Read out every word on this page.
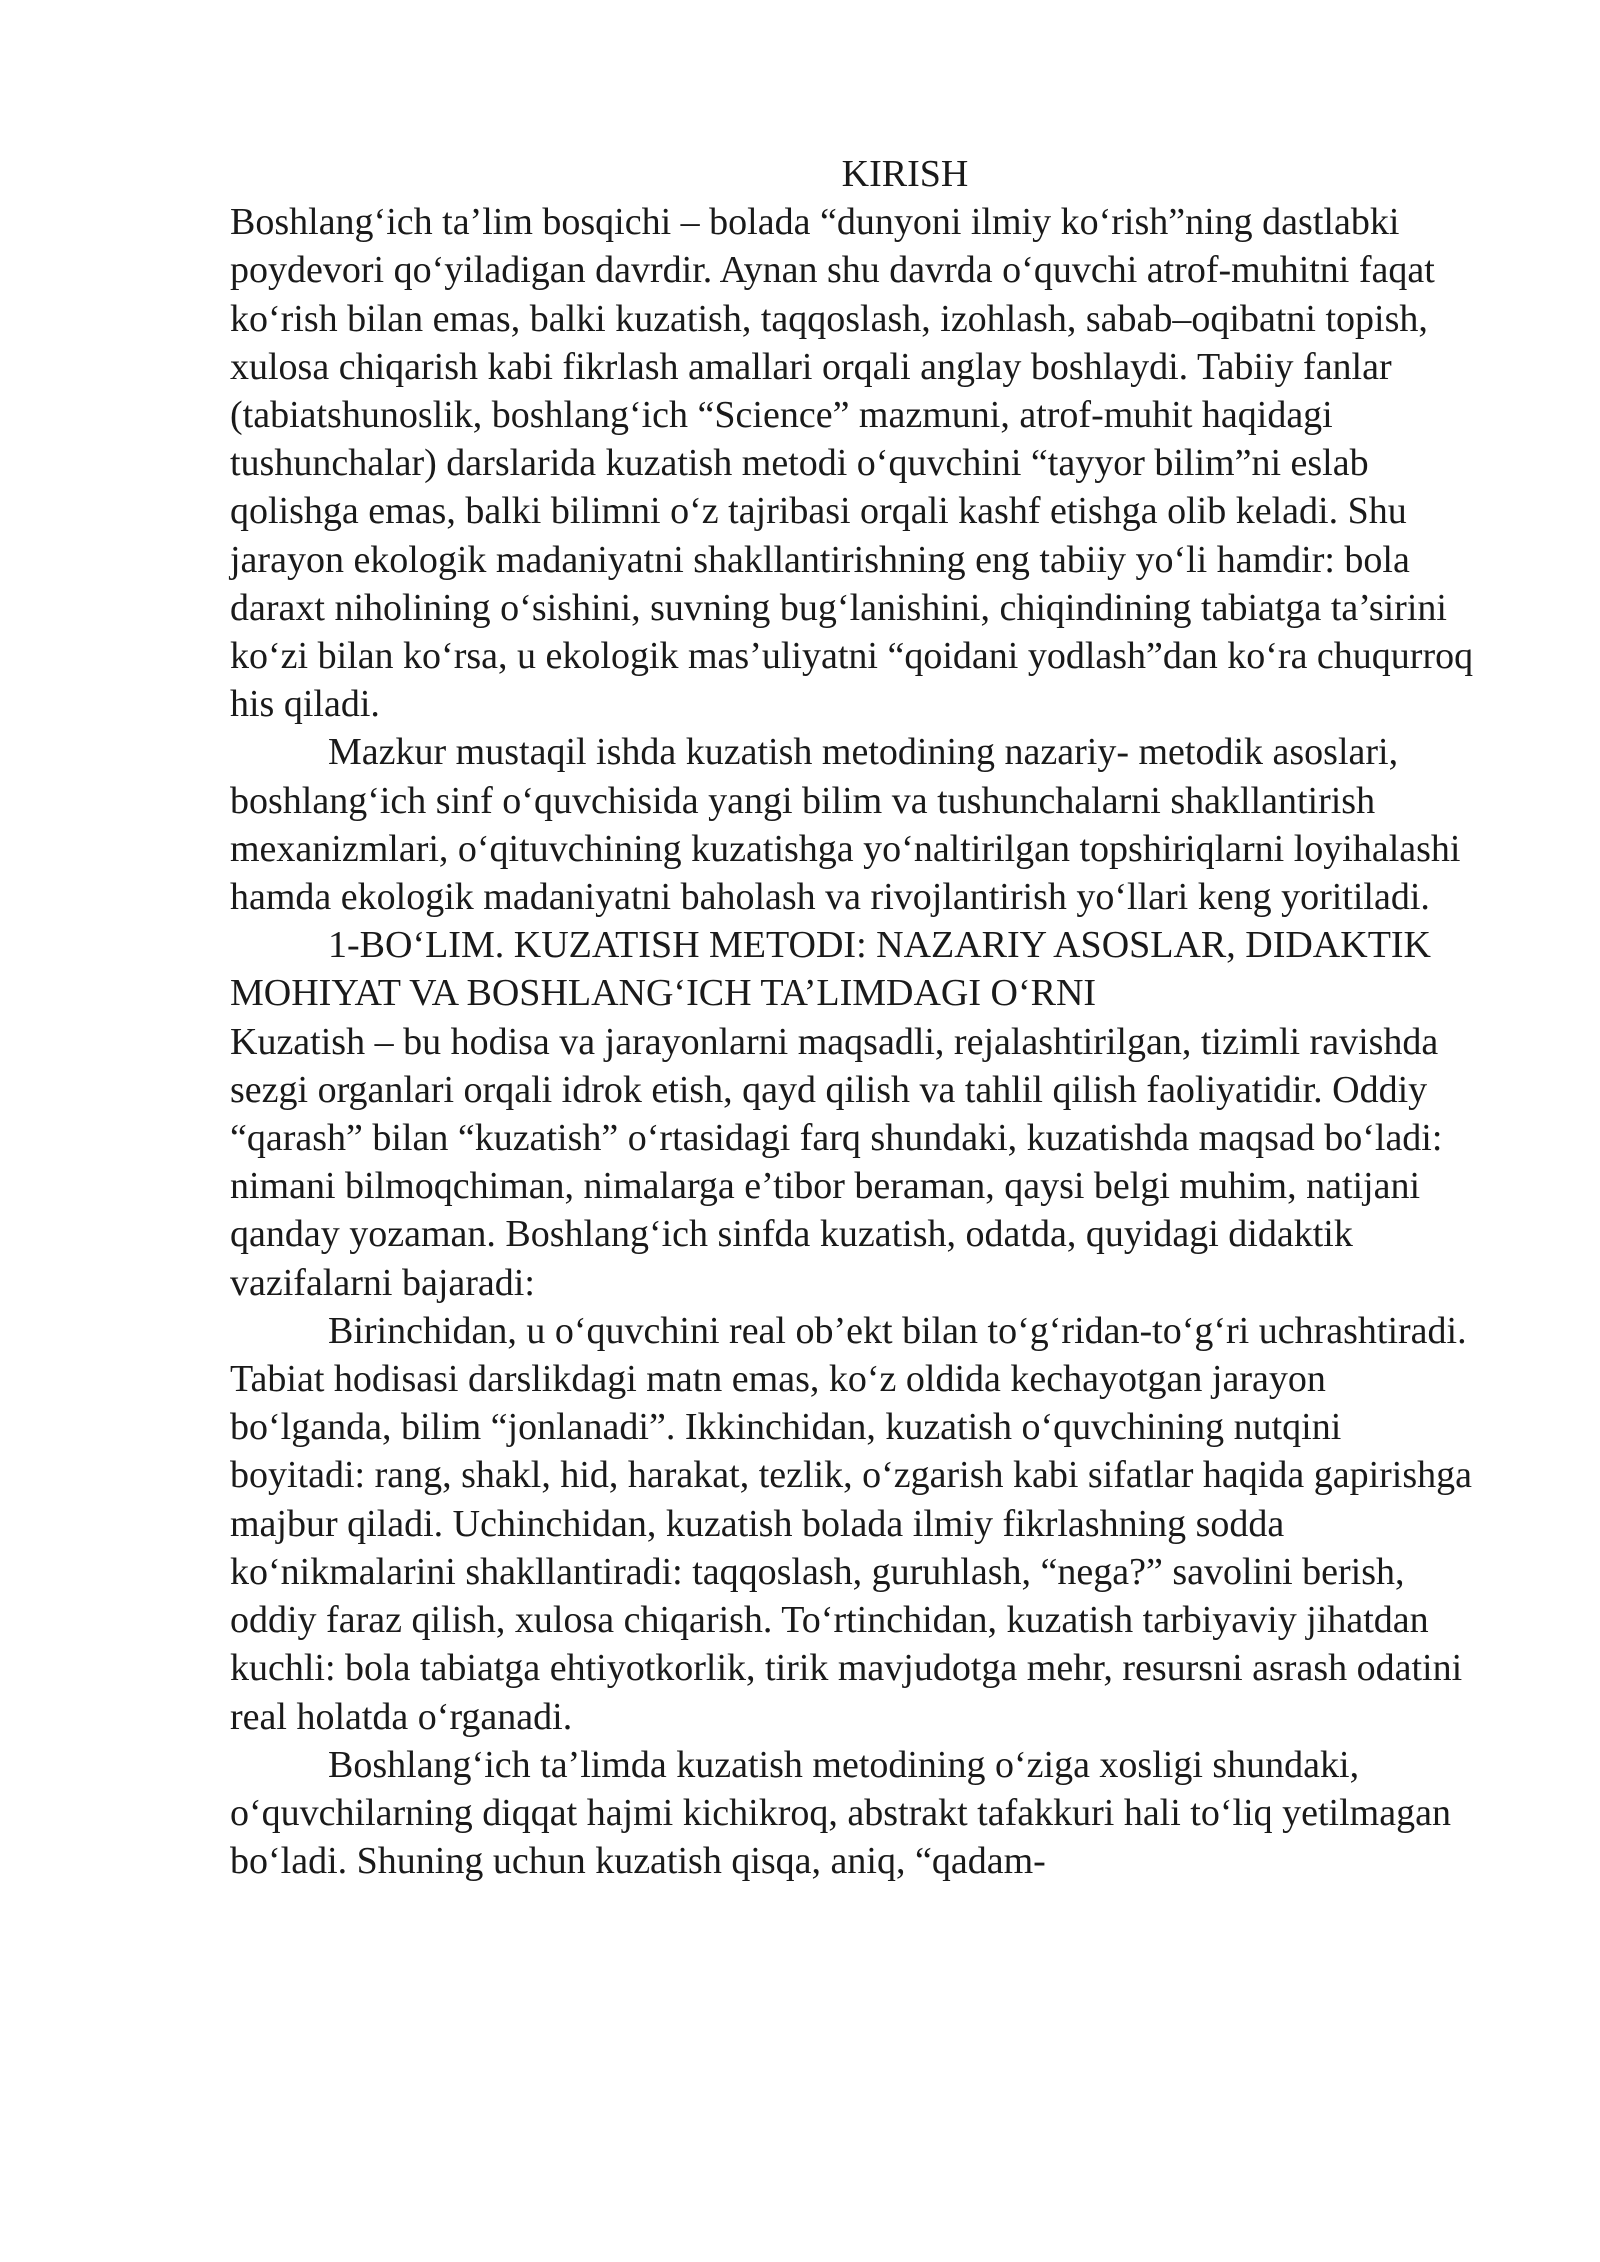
KIRISH

Boshlang‘ich ta’lim bosqichi – bolada “dunyoni ilmiy ko‘rish”ning dastlabki poydevori qo‘yiladigan davrdir. Aynan shu davrda o‘quvchi atrof-muhitni faqat ko‘rish bilan emas, balki kuzatish, taqqoslash, izohlash, sabab–oqibatni topish, xulosa chiqarish kabi fikrlash amallari orqali anglay boshlaydi. Tabiiy fanlar (tabiatshunoslik, boshlang‘ich “Science” mazmuni, atrof-muhit haqidagi tushunchalar) darslarida kuzatish metodi o‘quvchini “tayyor bilim”ni eslab qolishga emas, balki bilimni o‘z tajribasi orqali kashf etishga olib keladi. Shu jarayon ekologik madaniyatni shakllantirishning eng tabiiy yo‘li hamdir: bola daraxt niholining o‘sishini, suvning bug‘lanishini, chiqindining tabiatga ta’sirini ko‘zi bilan ko‘rsa, u ekologik mas’uliyatni “qoidani yodlash”dan ko‘ra chuqurroq his qiladi.

Mazkur mustaqil ishda kuzatish metodining nazariy- metodik asoslari, boshlang‘ich sinf o‘quvchisida yangi bilim va tushunchalarni shakllantirish mexanizmlari, o‘qituvchining kuzatishga yo‘naltirilgan topshiriqlarni loyihalashi hamda ekologik madaniyatni baholash va rivojlantirish yo‘llari keng yoritiladi.

1-BO‘LIM. KUZATISH METODI: NAZARIY ASOSLAR, DIDAKTIK MOHIYAT VA BOSHLANG‘ICH TA’LIMDAGI O‘RNI

Kuzatish – bu hodisa va jarayonlarni maqsadli, rejalashtirilgan, tizimli ravishda sezgi organlari orqali idrok etish, qayd qilish va tahlil qilish faoliyatidir. Oddiy “qarash” bilan “kuzatish” o‘rtasidagi farq shundaki, kuzatishda maqsad bo‘ladi: nimani bilmoqchiman, nimalarga e’tibor beraman, qaysi belgi muhim, natijani qanday yozaman. Boshlang‘ich sinfda kuzatish, odatda, quyidagi didaktik vazifalarni bajaradi:

Birinchidan, u o‘quvchini real ob’ekt bilan to‘g‘ridan-to‘g‘ri uchrashtiradi. Tabiat hodisasi darslikdagi matn emas, ko‘z oldida kechayotgan jarayon bo‘lganda, bilim “jonlanadi”. Ikkinchidan, kuzatish o‘quvchining nutqini boyitadi: rang, shakl, hid, harakat, tezlik, o‘zgarish kabi sifatlar haqida gapirishga majbur qiladi. Uchinchidan, kuzatish bolada ilmiy fikrlashning sodda ko‘nikmalarini shakllantiradi: taqqoslash, guruhlash, “nega?” savolini berish, oddiy faraz qilish, xulosa chiqarish. To‘rtinchidan, kuzatish tarbiyaviy jihatdan kuchli: bola tabiatga ehtiyotkorlik, tirik mavjudotga mehr, resursni asrash odatini real holatda o‘rganadi.

Boshlang‘ich ta’limda kuzatish metodining o‘ziga xosligi shundaki, o‘quvchilarning diqqat hajmi kichikroq, abstrakt tafakkuri hali to‘liq yetilmagan bo‘ladi. Shuning uchun kuzatish qisqa, aniq, “qadam-
